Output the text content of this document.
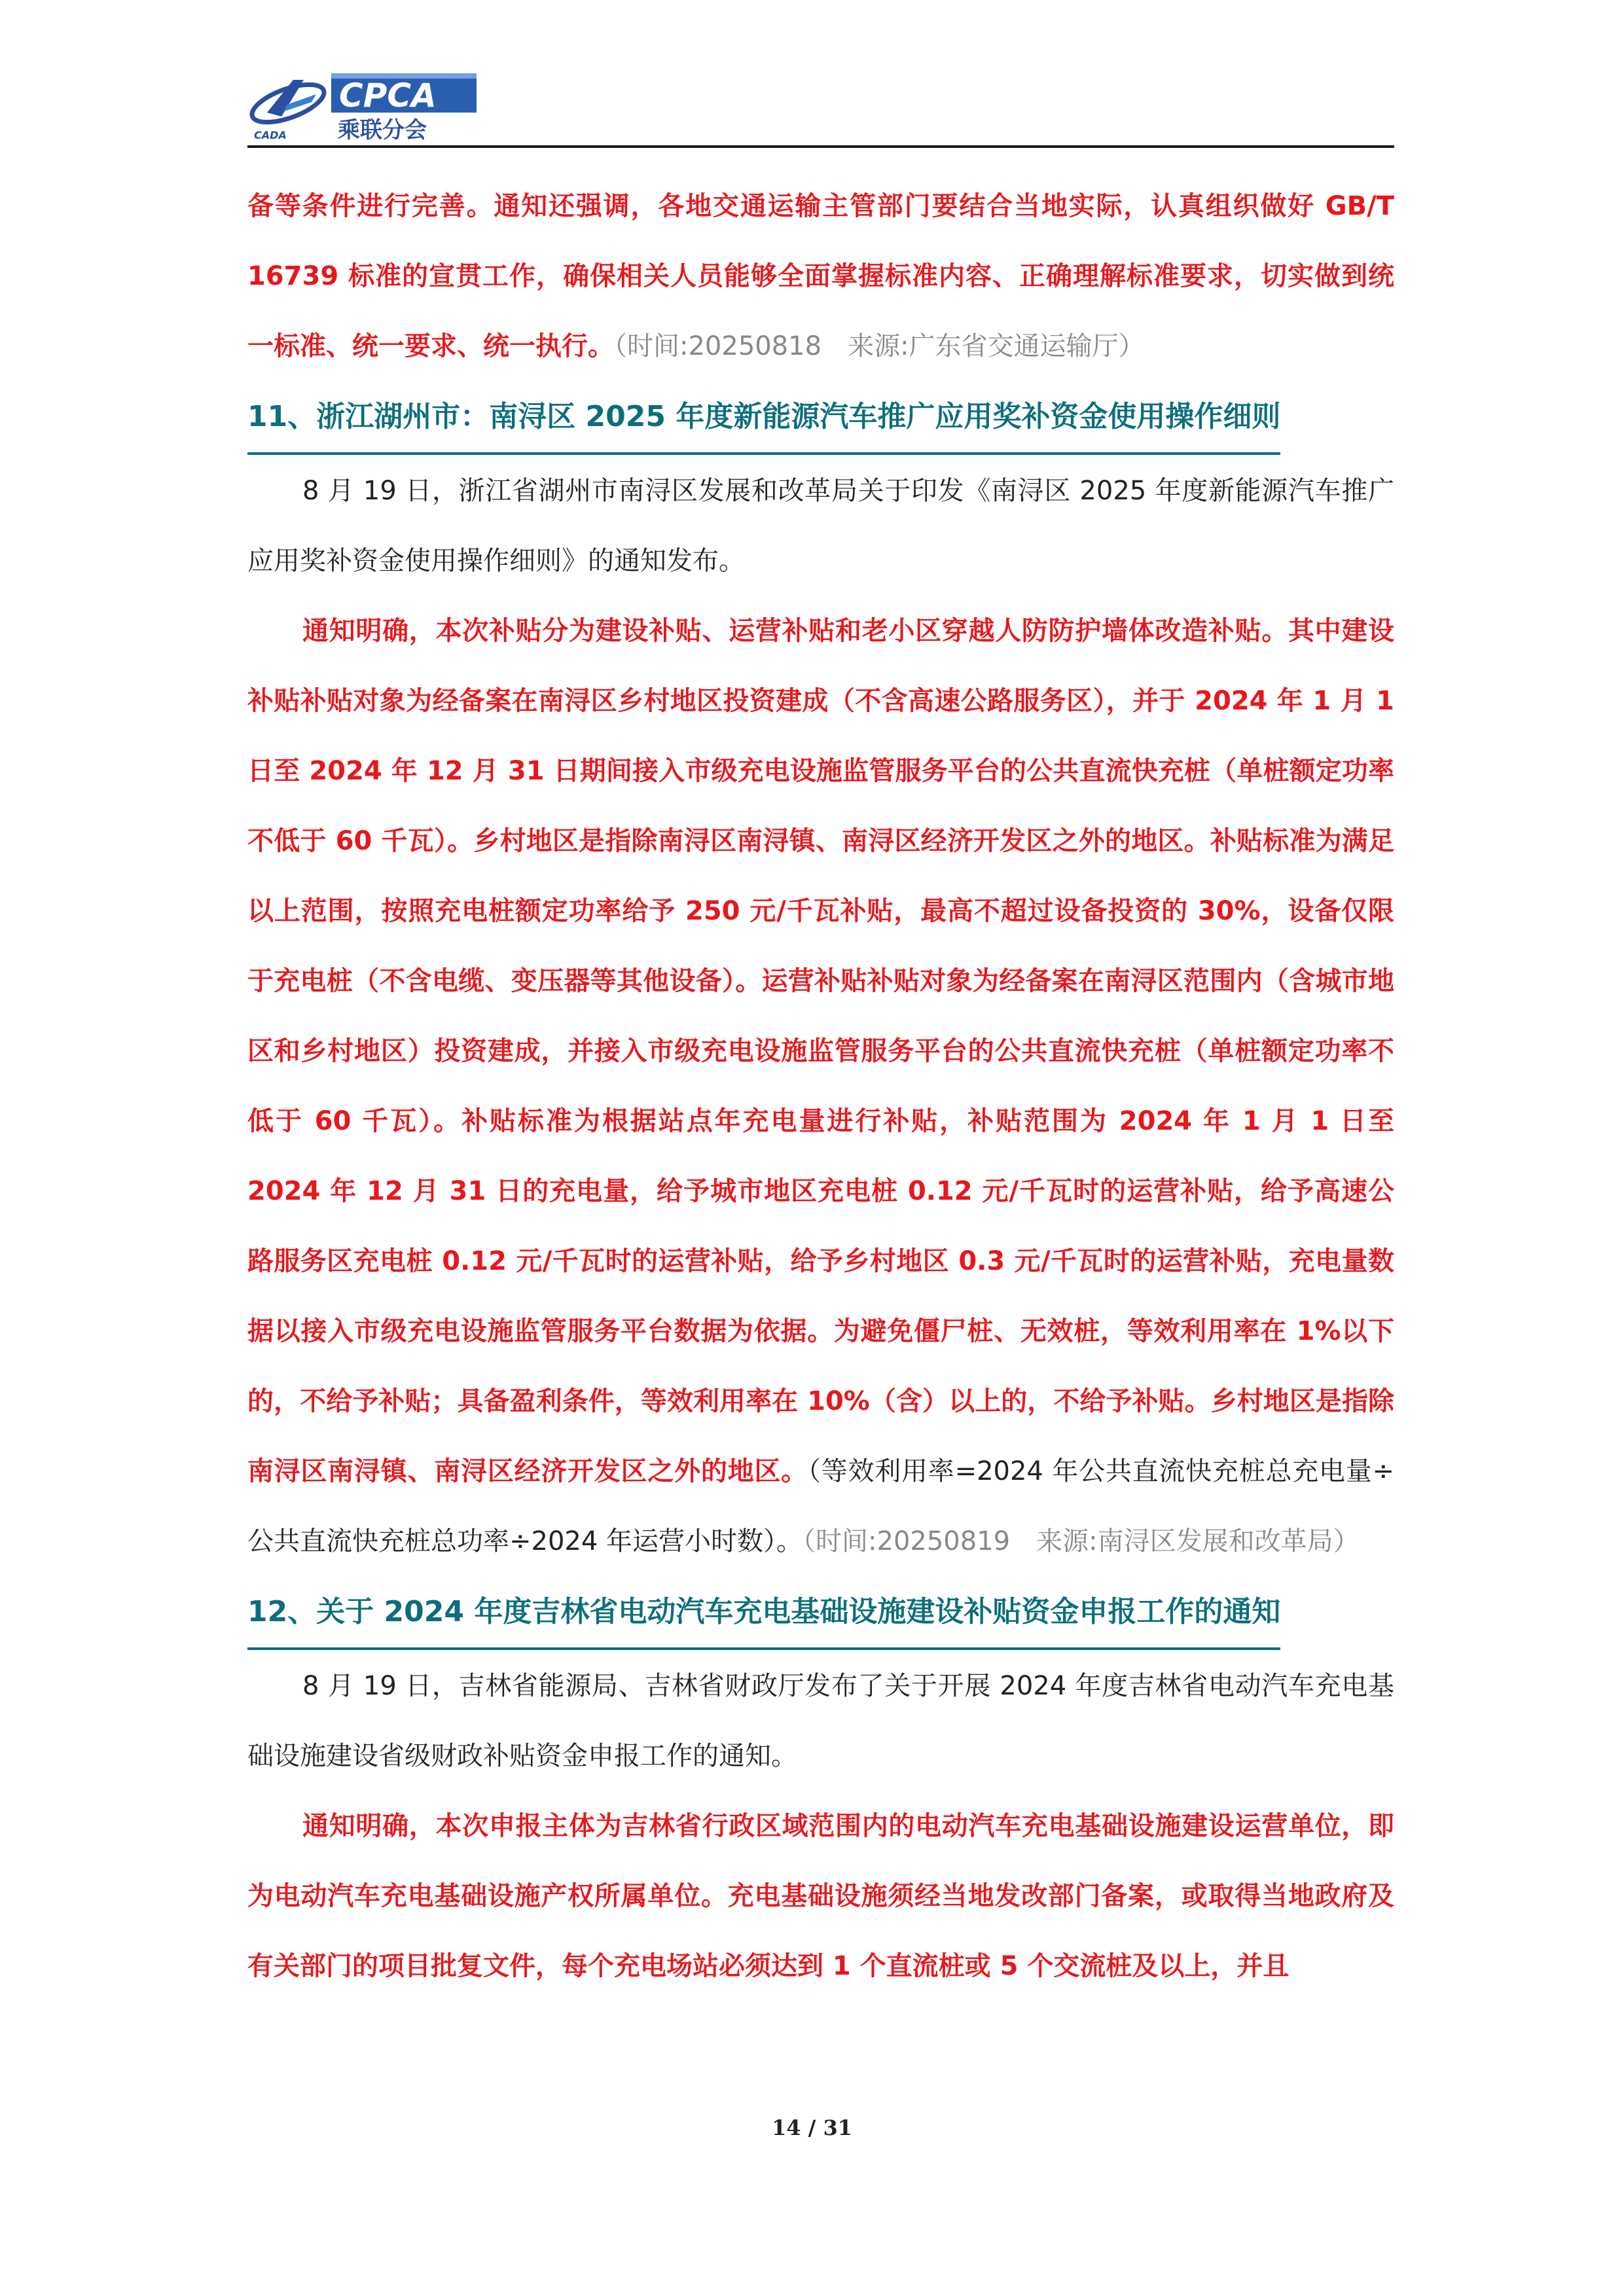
CADA
CPCA
乘联分会

备等条件进行完善。通知还强调，各地交通运输主管部门要结合当地实际，认真组织做好 GB/T 16739 标准的宣贯工作，确保相关人员能够全面掌握标准内容、正确理解标准要求，切实做到统一标准、统一要求、统一执行。（时间:20250818　来源:广东省交通运输厅）

11、浙江湖州市：南浔区 2025 年度新能源汽车推广应用奖补资金使用操作细则

8 月 19 日，浙江省湖州市南浔区发展和改革局关于印发《南浔区 2025 年度新能源汽车推广应用奖补资金使用操作细则》的通知发布。

通知明确，本次补贴分为建设补贴、运营补贴和老小区穿越人防防护墙体改造补贴。其中建设补贴补贴对象为经备案在南浔区乡村地区投资建成（不含高速公路服务区），并于 2024 年 1 月 1 日至 2024 年 12 月 31 日期间接入市级充电设施监管服务平台的公共直流快充桩（单桩额定功率不低于 60 千瓦）。乡村地区是指除南浔区南浔镇、南浔区经济开发区之外的地区。补贴标准为满足以上范围，按照充电桩额定功率给予 250 元/千瓦补贴，最高不超过设备投资的 30%，设备仅限于充电桩（不含电缆、变压器等其他设备）。运营补贴补贴对象为经备案在南浔区范围内（含城市地区和乡村地区）投资建成，并接入市级充电设施监管服务平台的公共直流快充桩（单桩额定功率不低于 60 千瓦）。补贴标准为根据站点年充电量进行补贴，补贴范围为 2024 年 1 月 1 日至 2024 年 12 月 31 日的充电量，给予城市地区充电桩 0.12 元/千瓦时的运营补贴，给予高速公路服务区充电桩 0.12 元/千瓦时的运营补贴，给予乡村地区 0.3 元/千瓦时的运营补贴，充电量数据以接入市级充电设施监管服务平台数据为依据。为避免僵尸桩、无效桩，等效利用率在 1%以下的，不给予补贴；具备盈利条件，等效利用率在 10%（含）以上的，不给予补贴。乡村地区是指除南浔区南浔镇、南浔区经济开发区之外的地区。（等效利用率=2024 年公共直流快充桩总充电量÷公共直流快充桩总功率÷2024 年运营小时数）。（时间:20250819　来源:南浔区发展和改革局）

12、关于 2024 年度吉林省电动汽车充电基础设施建设补贴资金申报工作的通知

8 月 19 日，吉林省能源局、吉林省财政厅发布了关于开展 2024 年度吉林省电动汽车充电基础设施建设省级财政补贴资金申报工作的通知。

通知明确，本次申报主体为吉林省行政区域范围内的电动汽车充电基础设施建设运营单位，即为电动汽车充电基础设施产权所属单位。充电基础设施须经当地发改部门备案，或取得当地政府及有关部门的项目批复文件，每个充电场站必须达到 1 个直流桩或 5 个交流桩及以上，并且

14 / 31
